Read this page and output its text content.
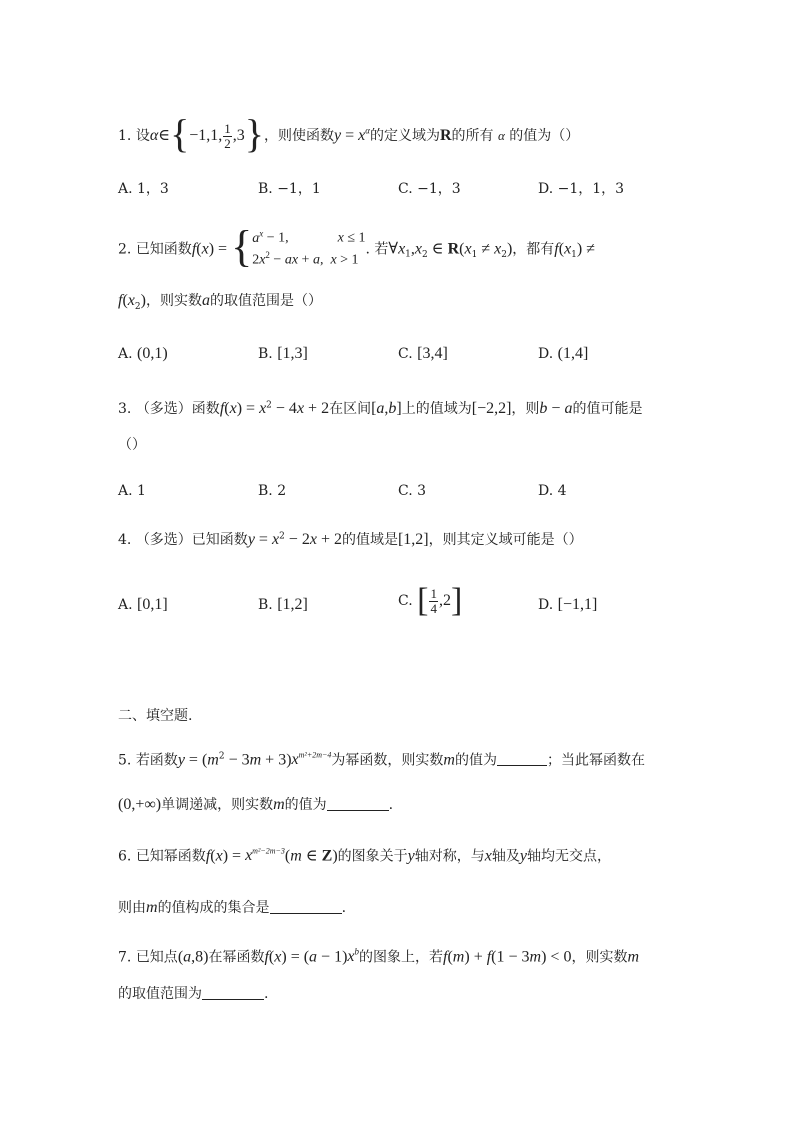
1. 设α∈{−1,1, $\frac{1}{2} ,3$}，则使函数$y = x^\alpha$的定义域为R的所有 α 的值为（）
A. 1，3	B. −1，1	C. −1，3	D. −1，1，3
2. 已知函数$f(x) = \{a^x - 1$,              x ≤ 1
$2x^2$ − ax + a,  x > 1. 若$\forall x_1,x_2$ ∈ $R(x_1 \ne x_2)$，都有$f(x_1)$ ≠
$f(x_2)$，则实数a的取值范围是（）
A. (0,1)	B. [1,3]	C. [3,4]	D. (1,4]
3. （多选）函数$f(x) = x^2 - 4x + 2$在区间[a,b]上的值域为[−2,2]，则b − a的值可能是
（）
A. 1	B. 2	C. 3	D. 4
4. （多选）已知函数$y = x^2 - 2x + 2$的值域是[1,2]，则其定义域可能是（）
A. [0,1]	B. [1,2]	C. [ $\frac{1}{4} ,2$]	D. [−1,1]
二、填空题.
5. 若函数$y = (m^2 - 3m + 3)x^{m^2+2m-4}$为幂函数，则实数m的值为	；当此幂函数在
(0,+∞)单调递减，则实数m的值为	.
6. 已知幂函数$f(x) = x^{m^2-2m-3}(m$ ∈ Z)的图象关于y轴对称，与x轴及y轴均无交点，
则由m的值构成的集合是	.
7. 已知点(a,8)在幂函数$f(x) = (a - 1)x^b$的图象上，若f(m) + f(1 − 3m) < 0，则实数m
的取值范围为	.
